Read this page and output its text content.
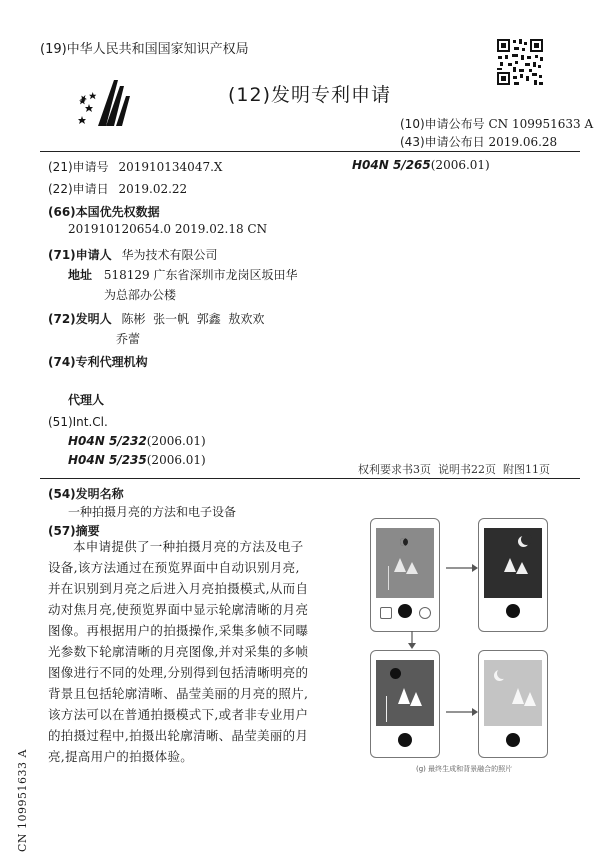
(19)中华人民共和国国家知识产权局
(12)发明专利申请
(10)申请公布号 CN 109951633 A
(43)申请公布日 2019.06.28
(21)申请号 201910134047.X	H04N 5/265(2006.01)
(22)申请日 2019.02.22
(66)本国优先权数据
201910120654.0 2019.02.18 CN
(71)申请人 华为技术有限公司
地址 518129 广东省深圳市龙岗区坂田华
为总部办公楼
(72)发明人 陈彬  张一帆  郭鑫  敖欢欢
乔蕾
(74)专利代理机构
代理人
(51)Int.Cl.
H04N 5/232(2006.01)
H04N 5/235(2006.01)
权利要求书3页  说明书22页  附图11页
(54)发明名称
一种拍摄月亮的方法和电子设备
(57)摘要

本申请提供了一种拍摄月亮的方法及电子

设备,该方法通过在预览界面中自动识别月亮,

并在识别到月亮之后进入月亮拍摄模式,从而自

动对焦月亮,使预览界面中显示轮廓清晰的月亮

图像。再根据用户的拍摄操作,采集多帧不同曝

光参数下轮廓清晰的月亮图像,并对采集的多帧

图像进行不同的处理,分别得到包括清晰明亮的

背景且包括轮廓清晰、晶莹美丽的月亮的照片,

该方法可以在普通拍摄模式下,或者非专业用户

的拍摄过程中,拍摄出轮廓清晰、晶莹美丽的月

亮,提高用户的拍摄体验。

(g) 最终生成和背景融合的照片
CN 109951633 A
